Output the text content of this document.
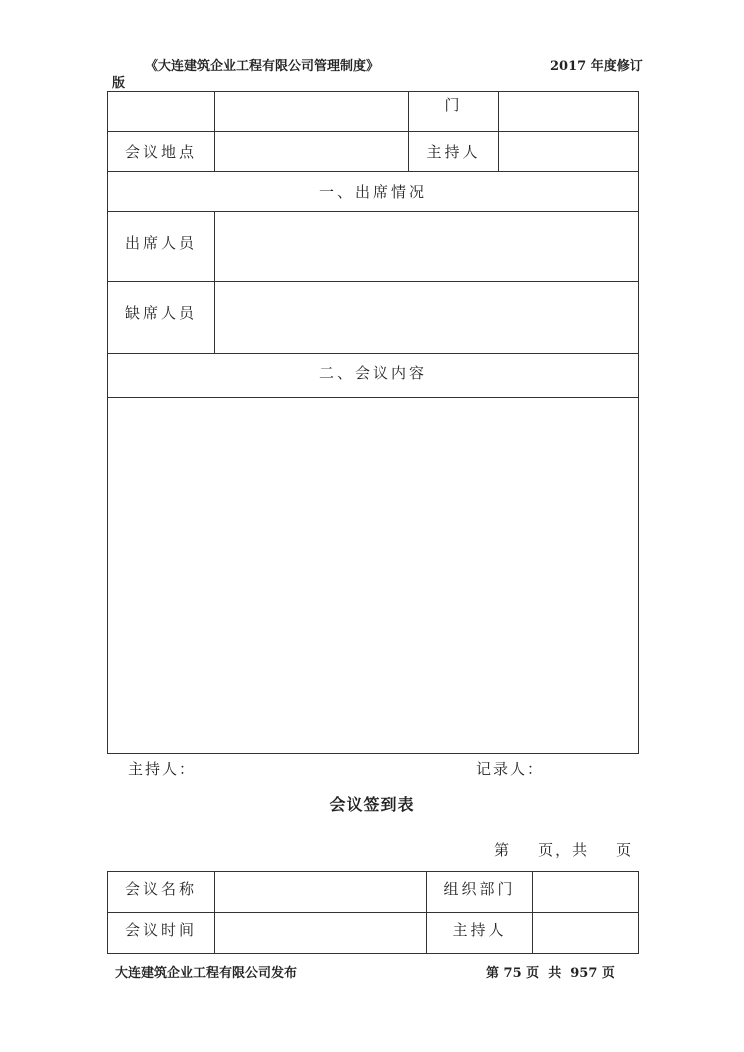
《大连建筑企业工程有限公司管理制度》	2017 年度修订
版
门
会议地点	主持人
一、出席情况
出席人员
缺席人员
二、会议内容
主持人：	记录人：
会议签到表
第    页，共    页
会议名称	组织部门
会议时间	主持人
大连建筑企业工程有限公司发布	第 75 页  共  957 页
